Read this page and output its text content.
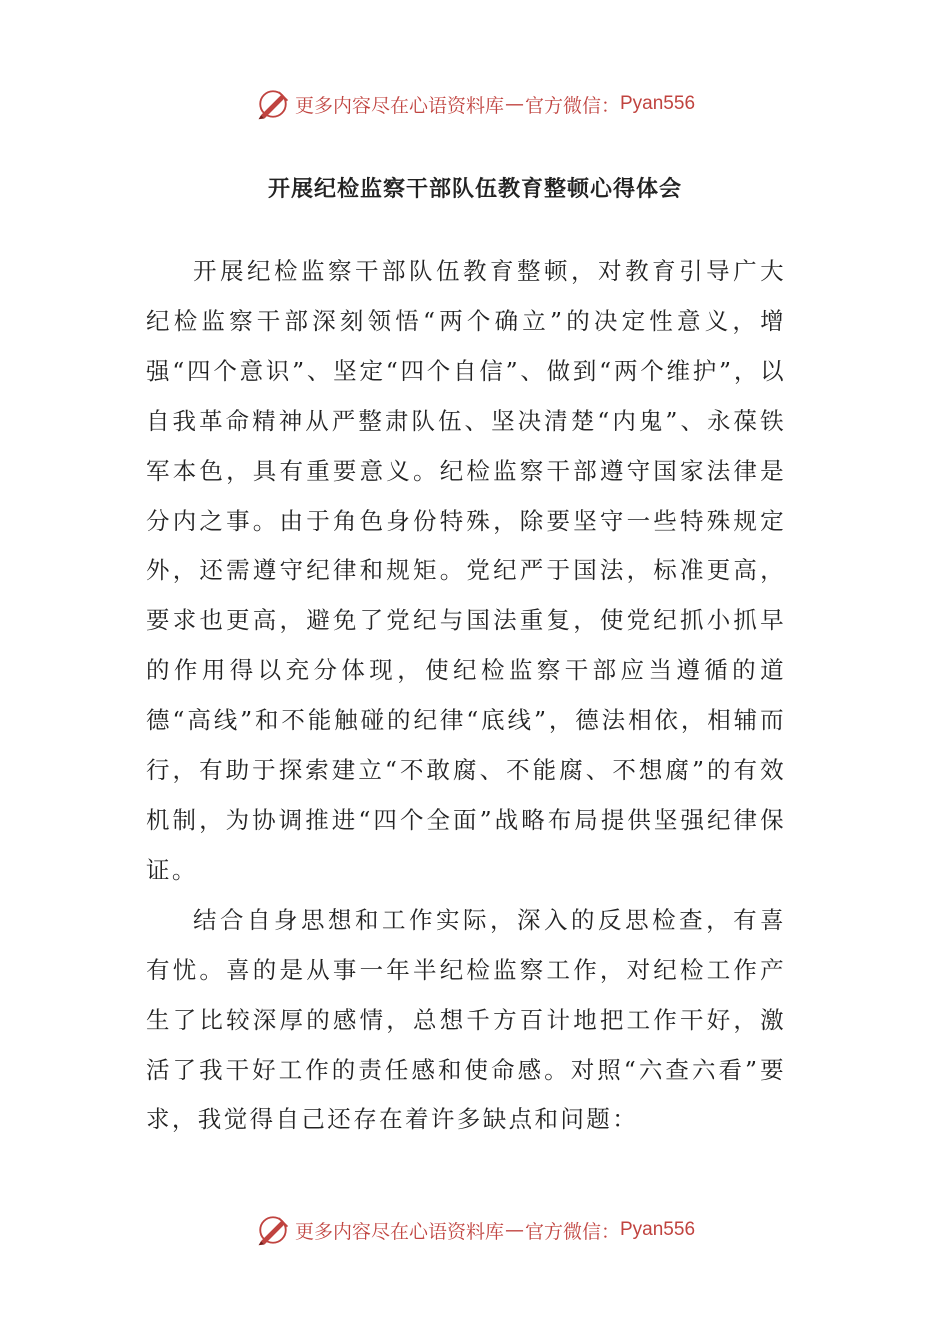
更多内容尽在心语资料库 — 官方微信： Pyan556
开展纪检监察干部队伍教育整顿心得体会

开展纪检监察干部队伍教育整顿，对教育引导广大纪检监察干部深刻领悟“两个确立”的决定性意义，增强“四个意识”、坚定“四个自信”、做到“两个维护”，以自我革命精神从严整肃队伍、坚决清楚“内鬼”、永葆铁军本色，具有重要意义。纪检监察干部遵守国家法律是分内之事。由于角色身份特殊，除要坚守一些特殊规定外，还需遵守纪律和规矩。党纪严于国法，标准更高，要求也更高，避免了党纪与国法重复，使党纪抓小抓早的作用得以充分体现，使纪检监察干部应当遵循的道德“高线”和不能触碰的纪律“底线”，德法相依，相辅而行，有助于探索建立“不敢腐、不能腐、不想腐”的有效机制，为协调推进“四个全面”战略布局提供坚强纪律保证。

结合自身思想和工作实际，深入的反思检查，有喜有忧。喜的是从事一年半纪检监察工作，对纪检工作产生了比较深厚的感情，总想千方百计地把工作干好，激活了我干好工作的责任感和使命感。对照“六查六看”要求，我觉得自己还存在着许多缺点和问题：

更多内容尽在心语资料库 — 官方微信： Pyan556
